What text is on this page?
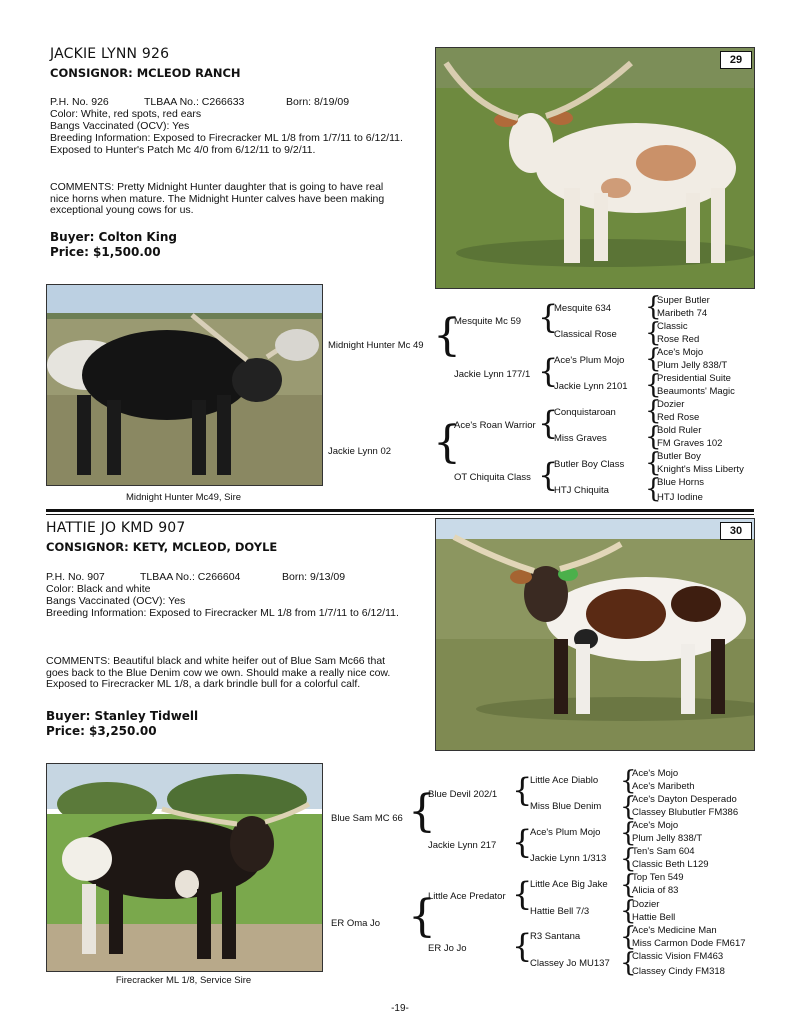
JACKIE LYNN 926
CONSIGNOR: MCLEOD RANCH
P.H. No. 926	TLBAA No.: C266633	Born: 8/19/09
Color: White, red spots, red ears
Bangs Vaccinated (OCV): Yes
Breeding Information: Exposed to Firecracker ML 1/8 from 1/7/11 to 6/12/11. Exposed to Hunter's Patch Mc 4/0 from 6/12/11 to 9/2/11.
COMMENTS: Pretty Midnight Hunter daughter that is going to have real nice horns when mature. The Midnight Hunter calves have been making exceptional young cows for us.
Buyer: Colton King
Price: $1,500.00
29
Midnight Hunter Mc49, Sire
Midnight Hunter Mc 49
Jackie Lynn 02
{
{
Mesquite Mc 59
Jackie Lynn 177/1
Ace's Roan Warrior
OT Chiquita Class
{
{
{
{
Mesquite 634
Classical Rose
Ace's Plum Mojo
Jackie Lynn 2101
Conquistaroan
Miss Graves
Butler Boy Class
HTJ Chiquita
{
{
{
{
{
{
{
{
Super Butler
Maribeth 74
Classic
Rose Red
Ace's Mojo
Plum Jelly 838/T
Presidential Suite
Beaumonts' Magic
Dozier
Red Rose
Bold Ruler
FM Graves 102
Butler Boy
Knight's Miss Liberty
Blue Horns
HTJ Iodine
HATTIE JO KMD 907
CONSIGNOR: KETY, MCLEOD, DOYLE
P.H. No. 907	TLBAA No.: C266604	Born: 9/13/09
Color: Black and white
Bangs Vaccinated (OCV): Yes
Breeding Information: Exposed to Firecracker ML 1/8 from 1/7/11 to 6/12/11.
COMMENTS: Beautiful black and white heifer out of Blue Sam Mc66 that goes back to the Blue Denim cow we own. Should make a really nice cow. Exposed to Firecracker ML 1/8, a dark brindle bull for a colorful calf.
Buyer: Stanley Tidwell
Price: $3,250.00
30
Firecracker ML 1/8, Service Sire
Blue Sam MC 66
ER Oma Jo
{
{
Blue Devil 202/1
Jackie Lynn 217
Little Ace Predator
ER Jo Jo
{
{
{
{
Little Ace Diablo
Miss Blue Denim
Ace's Plum Mojo
Jackie Lynn 1/313
Little Ace Big Jake
Hattie Bell 7/3
R3 Santana
Classey Jo MU137
{
{
{
{
{
{
{
{
Ace's Mojo
Ace's Maribeth
Ace's Dayton Desperado
Classey Blubutler FM386
Ace's Mojo
Plum Jelly 838/T
Ten's Sam 604
Classic Beth L129
Top Ten 549
Alicia of 83
Dozier
Hattie Bell
Ace's Medicine Man
Miss Carmon Dode FM617
Classic Vision FM463
Classey Cindy FM318
-19-
